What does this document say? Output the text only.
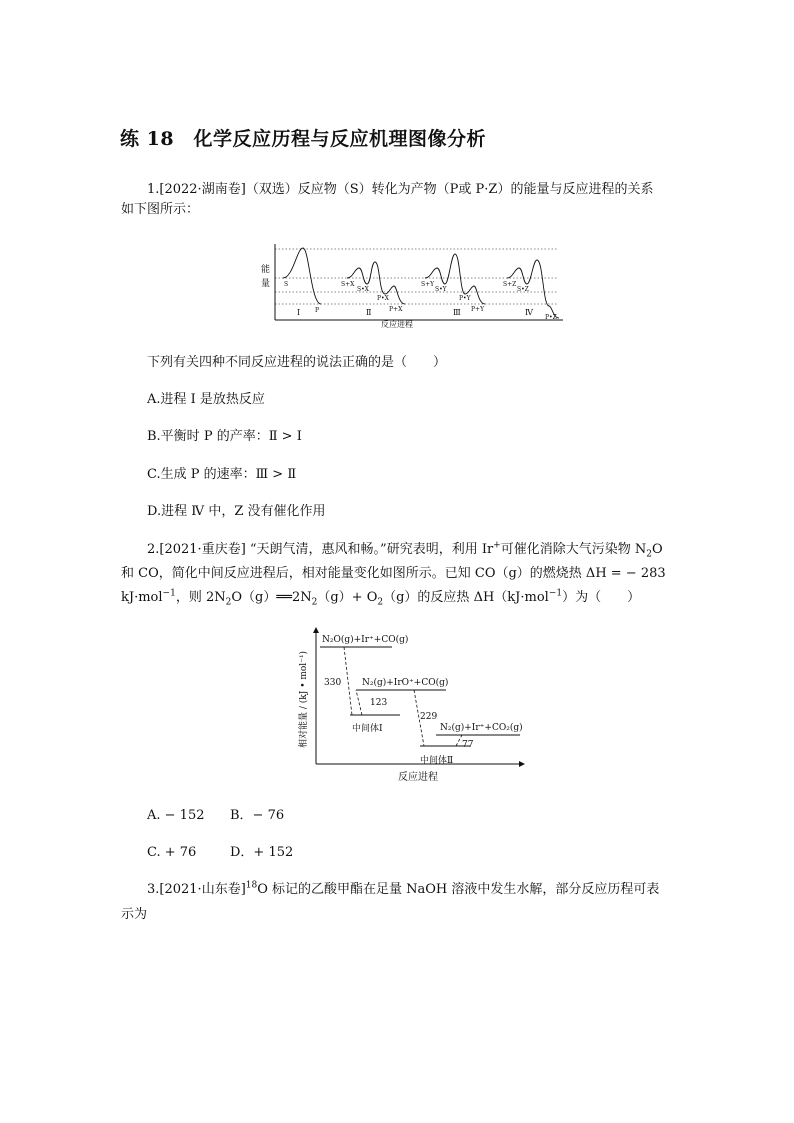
练 18　化学反应历程与反应机理图像分析
1.[2022·湖南卷]（双选）反应物（S）转化为产物（P或 P·Z）的能量与反应进程的关系
如下图所示：
能
量 S
P
Ⅰ
S+X
S•X
P•X
P+X
Ⅱ
S+Y
S•Y
P•Y
P+Y
Ⅲ
S+Z
S•Z
Ⅳ
P•Z
反应进程
下列有关四种不同反应进程的说法正确的是（　　）
A.进程 Ⅰ 是放热反应
B.平衡时 P 的产率：Ⅱ > Ⅰ
C.生成 P 的速率：Ⅲ > Ⅱ
D.进程 Ⅳ 中，Z 没有催化作用
2.[2021·重庆卷] “天朗气清，惠风和畅。”研究表明，利用 Ir+可催化消除大气污染物 $N_2O$
和 CO，简化中间反应进程后，相对能量变化如图所示。已知 CO（g）的燃烧热 ΔH = − 283
kJ·mol$^{-1}$，则 $2N_2O(g)══2N_2(g)+ O_2(g)$的反应热 ΔH（kJ·mol$^{-1}$）为（　　）
相对能量 / (kJ • mol⁻¹)
N₂O(g)+Ir⁺+CO(g)
330
中间体Ⅰ
N₂(g)+IrO⁺+CO(g)
123
229
中间体Ⅱ
N₂(g)+Ir⁺+CO₂(g)
77
反应进程
A. − 152 B．− 76
C. + 76	D．+ 152
3.[2021·山东卷]$^{18}$O 标记的乙酸甲酯在足量 NaOH 溶液中发生水解，部分反应历程可表
示为
